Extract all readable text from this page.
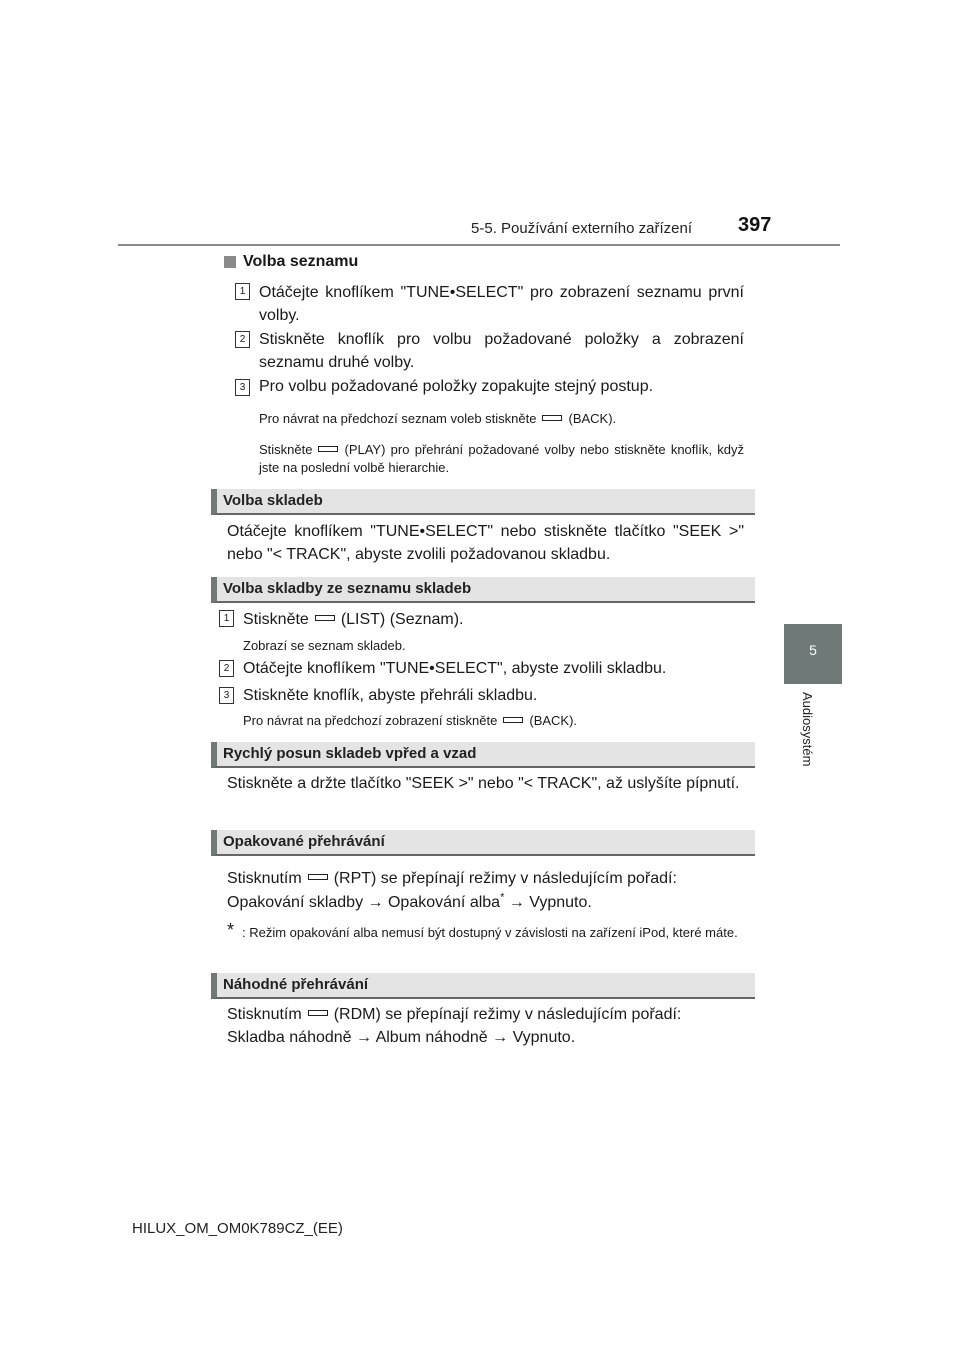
5-5. Používání externího zařízení 397
5
Audiosystém
Volba seznamu
1 Otáčejte knoflíkem "TUNE•SELECT" pro zobrazení seznamu první volby.
2 Stiskněte knoflík pro volbu požadované položky a zobrazení seznamu druhé volby.
3 Pro volbu požadované položky zopakujte stejný postup.
Pro návrat na předchozí seznam voleb stiskněte (BACK).
Stiskněte (PLAY) pro přehrání požadované volby nebo stiskněte knoflík, když jste na poslední volbě hierarchie.
Volba skladeb
Otáčejte knoflíkem "TUNE•SELECT" nebo stiskněte tlačítko "SEEK >" nebo "< TRACK", abyste zvolili požadovanou skladbu.
Volba skladby ze seznamu skladeb
1 Stiskněte (LIST) (Seznam).
Zobrazí se seznam skladeb.
2 Otáčejte knoflíkem "TUNE•SELECT", abyste zvolili skladbu.
3 Stiskněte knoflík, abyste přehráli skladbu.
Pro návrat na předchozí zobrazení stiskněte (BACK).
Rychlý posun skladeb vpřed a vzad
Stiskněte a držte tlačítko "SEEK >" nebo "< TRACK", až uslyšíte pípnutí.
Opakované přehrávání
Stisknutím (RPT) se přepínají režimy v následujícím pořadí:
Opakování skladby → Opakování alba* → Vypnuto.
* : Režim opakování alba nemusí být dostupný v závislosti na zařízení iPod, které máte.
Náhodné přehrávání
Stisknutím (RDM) se přepínají režimy v následujícím pořadí:
Skladba náhodně → Album náhodně → Vypnuto.
HILUX_OM_OM0K789CZ_(EE)
